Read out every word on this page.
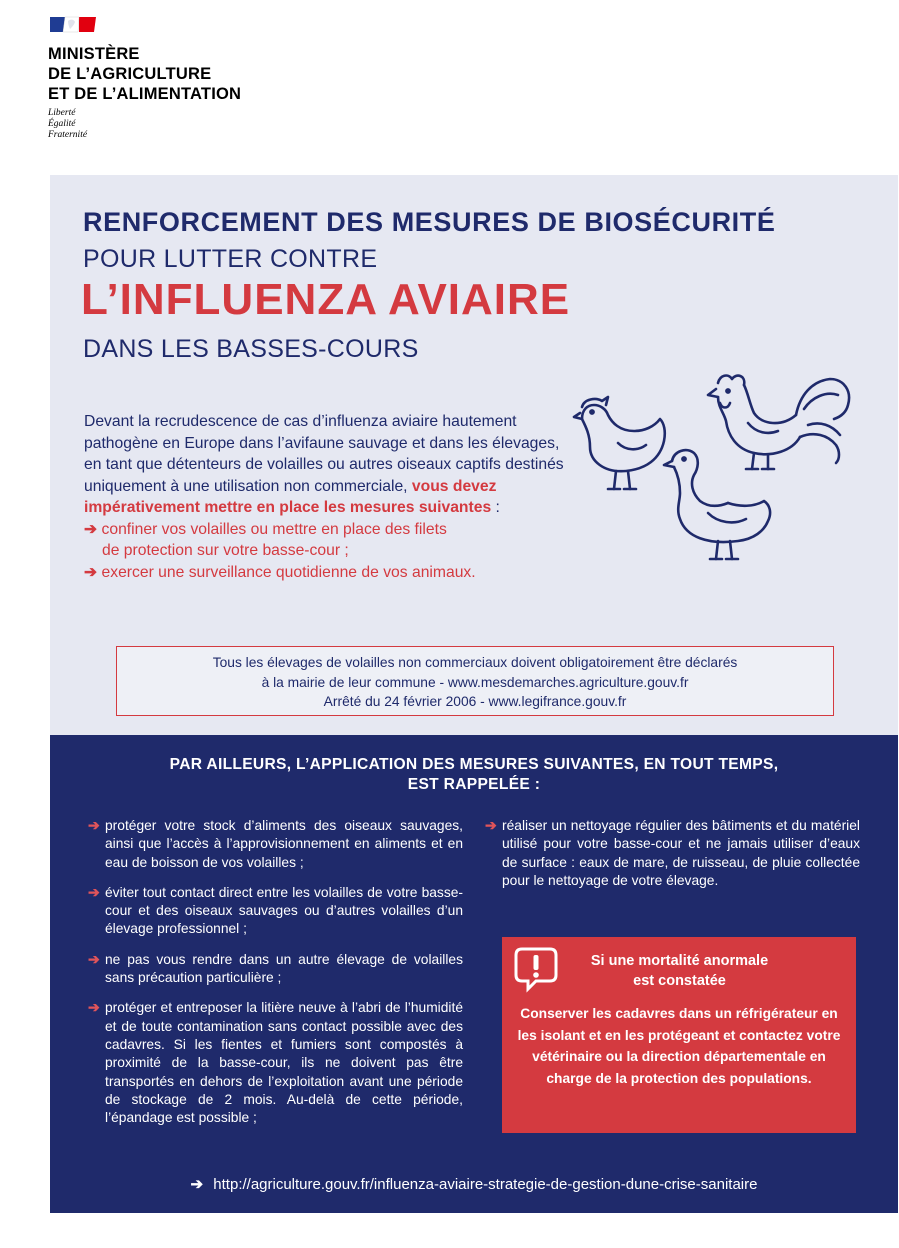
MINISTÈRE
DE L’AGRICULTURE
ET DE L’ALIMENTATION
Liberté
Égalité
Fraternité
RENFORCEMENT DES MESURES DE BIOSÉCURITÉ
POUR LUTTER CONTRE
L’INFLUENZA AVIAIRE
DANS LES BASSES-COURS
Devant la recrudescence de cas d’influenza aviaire hautement pathogène en Europe dans l’avifaune sauvage et dans les élevages, en tant que détenteurs de volailles ou autres oiseaux captifs destinés uniquement à une utilisation non commerciale, vous devez impérativement mettre en place les mesures suivantes :
➔ confiner vos volailles ou mettre en place des filets
de protection sur votre basse-cour ;
➔ exercer une surveillance quotidienne de vos animaux.
Tous les élevages de volailles non commerciaux doivent obligatoirement être déclarés
à la mairie de leur commune - www.mesdemarches.agriculture.gouv.fr
Arrêté du 24 février 2006 - www.legifrance.gouv.fr
PAR AILLEURS, L’APPLICATION DES MESURES SUIVANTES, EN TOUT TEMPS,
EST RAPPELÉE :
➔ protéger votre stock d’aliments des oiseaux sauvages, ainsi que l’accès à l’approvisionnement en aliments et en eau de boisson de vos volailles ;
➔ éviter tout contact direct entre les volailles de votre basse-cour et des oiseaux sauvages ou d’autres volailles d’un élevage professionnel ;
➔ ne pas vous rendre dans un autre élevage de volailles sans précaution particulière ;
➔ protéger et entreposer la litière neuve à l’abri de l’humidité et de toute contamination sans contact possible avec des cadavres. Si les fientes et fumiers sont compostés à proximité de la basse-cour, ils ne doivent pas être transportés en dehors de l’exploitation avant une période de stockage de 2 mois. Au-delà de cette période, l’épandage est possible ;
➔ réaliser un nettoyage régulier des bâtiments et du matériel utilisé pour votre basse-cour et ne jamais utiliser d’eaux de surface : eaux de mare, de ruisseau, de pluie collectée pour le nettoyage de votre élevage.
Si une mortalité anormale
est constatée
Conserver les cadavres dans un réfrigérateur en les isolant et en les protégeant et contactez votre vétérinaire ou la direction départementale en charge de la protection des populations.
➔ http://agriculture.gouv.fr/influenza-aviaire-strategie-de-gestion-dune-crise-sanitaire
